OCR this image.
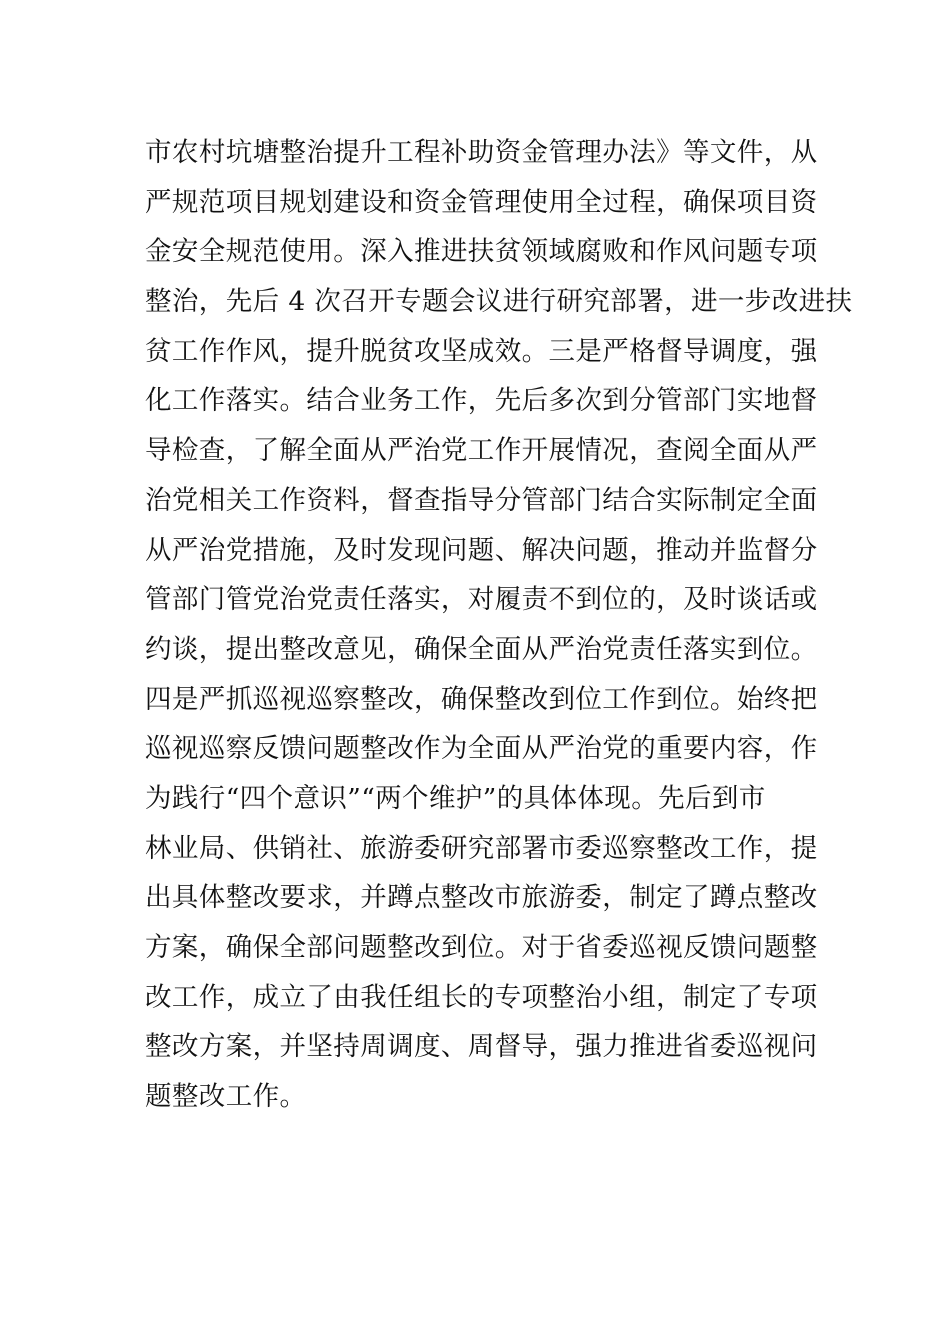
市农村坑塘整治提升工程补助资金管理办法》等文件，从
严规范项目规划建设和资金管理使用全过程，确保项目资
金安全规范使用。深入推进扶贫领域腐败和作风问题专项
整治，先后 4 次召开专题会议进行研究部署，进一步改进扶
贫工作作风，提升脱贫攻坚成效。三是严格督导调度，强
化工作落实。结合业务工作，先后多次到分管部门实地督
导检查，了解全面从严治党工作开展情况，查阅全面从严
治党相关工作资料，督查指导分管部门结合实际制定全面
从严治党措施，及时发现问题、解决问题，推动并监督分
管部门管党治党责任落实，对履责不到位的，及时谈话或
约谈，提出整改意见，确保全面从严治党责任落实到位。
四是严抓巡视巡察整改，确保整改到位工作到位。始终把
巡视巡察反馈问题整改作为全面从严治党的重要内容，作
为践行“四个意识”“两个维护”的具体体现。先后到市
林业局、供销社、旅游委研究部署市委巡察整改工作，提
出具体整改要求，并蹲点整改市旅游委，制定了蹲点整改
方案，确保全部问题整改到位。对于省委巡视反馈问题整
改工作，成立了由我任组长的专项整治小组，制定了专项
整改方案，并坚持周调度、周督导，强力推进省委巡视问
题整改工作。
